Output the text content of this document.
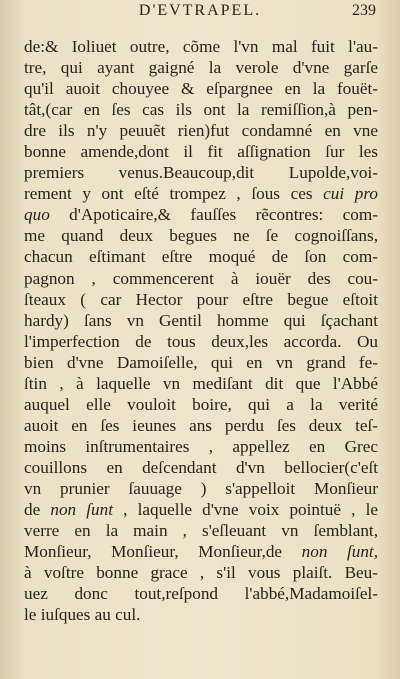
D'EVTRAPEL.	239
de:& Ioliuet outre, cõme l'vn mal fuit l'au-
tre, qui ayant gaigné la verole d'vne garſe
qu'il auoit chouyee & eſpargnee en la fouët-
tât,(car en ſes cas ils ont la remiſſion,à pen-
dre ils n'y peuuẽt rien)fut condamné en vne
bonne amende,dont il fit aſſignation ſur les
premiers venus.Beaucoup,dit Lupolde,voi-
rement y ont eſté trompez , ſous ces cui pro
quo d'Apoticaire,& fauſſes rẽcontres: com-
me quand deux begues ne ſe cognoiſſans,
chacun eſtimant eſtre moqué de ſon com-
pagnon , commencerent à iouër des cou-
ſteaux ( car Hector pour eſtre begue eſtoit
hardy) ſans vn Gentil homme qui ſçachant
l'imperfection de tous deux,les accorda. Ou
bien d'vne Damoiſelle, qui en vn grand fe-
ſtin , à laquelle vn mediſant dit que l'Abbé
auquel elle vouloit boire, qui a la verité
auoit en ſes ieunes ans perdu ſes deux teſ-
moins inſtrumentaires , appellez en Grec
couillons en deſcendant d'vn bellocier(c'eſt
vn prunier ſauuage ) s'appelloit Monſieur
de non ſunt , laquelle d'vne voix pointuë , le
verre en la main , s'eſleuant vn ſemblant,
Monſieur, Monſieur, Monſieur,de non ſunt,
à voſtre bonne grace , s'il vous plaiſt. Beu-
uez donc tout,reſpond l'abbé,Madamoiſel-
le iuſques au cul.
